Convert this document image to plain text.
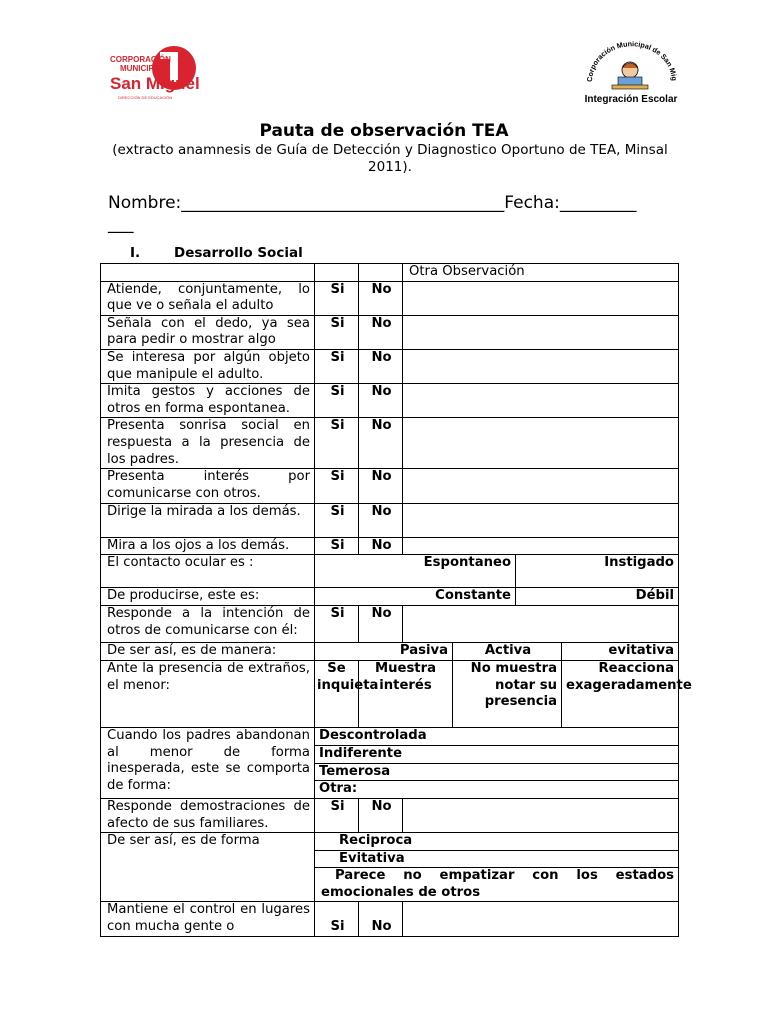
CORPORACIÓN
MUNICIPAL
San Miguel
DIRECCIÓN DE EDUCACIÓN
Corporación Municipal de San Mig
Integración Escolar
Pauta de observación TEA
(extracto anamnesis de Guía de Detección y Diagnostico Oportuno de TEA, Minsal 2011).
Nombre:______________________________________Fecha:_________
___
I.	Desarrollo Social
			Otra Observación			
Atiende, conjuntamente, lo que ve o señala el adulto	Si	No				
Señala con el dedo, ya sea para pedir o mostrar algo	Si	No				
Se interesa por algún objeto que manipule el adulto.	Si	No				
Imita gestos y acciones de otros en forma espontanea.	Si	No				
Presenta sonrisa social en respuesta a la presencia de los padres.	Si	No				
Presenta interés por comunicarse con otros.	Si	No				
Dirige la mirada a los demás.	Si	No				
Mira a los ojos a los demás.	Si	No				
El contacto ocular es :	Espontaneo				Instigado	
De producirse, este es:	Constante				Débil	
Responde a la intención de otros de comunicarse con él:	Si	No				
De ser así, es de manera:	Pasiva			Activa		evitativa
Ante la presencia de extraños, el menor:	Se inquieta	Muestra interés		No muestra notar su presencia		Reacciona exageradamente
Cuando los padres abandonan al menor de forma inesperada, este se comporta de forma:	Descontrolada					
	Indiferente					
	Temerosa					
	Otra:					
Responde demostraciones de afecto de sus familiares.	Si	No				
De ser así, es de forma	Reciproca					
	Evitativa					
	Parece no empatizar con los estados emocionales de otros					
Mantiene el control en lugares con mucha gente o	Si	No				
